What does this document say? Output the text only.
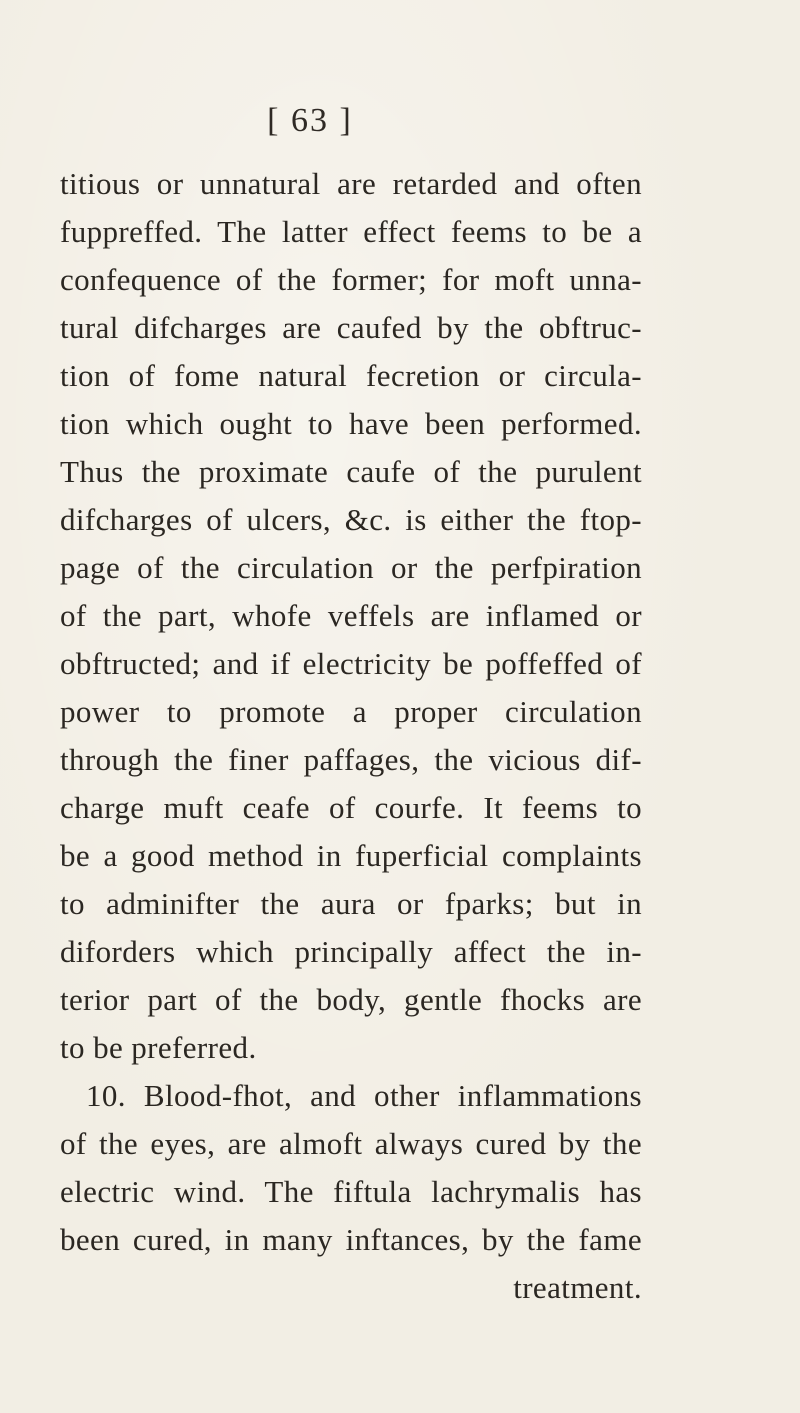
[ 63 ]
titious or unnatural are retarded and often
fuppreffed. The latter effect feems to be a
confequence of the former; for moft unna-
tural difcharges are caufed by the obftruc-
tion of fome natural fecretion or circula-
tion which ought to have been performed.
Thus the proximate caufe of the purulent
difcharges of ulcers, &c. is either the ftop-
page of the circulation or the perfpiration
of the part, whofe veffels are inflamed or
obftructed; and if electricity be poffeffed of
power to promote a proper circulation
through the finer paffages, the vicious dif-
charge muft ceafe of courfe. It feems to
be a good method in fuperficial complaints
to adminifter the aura or fparks; but in
diforders which principally affect the in-
terior part of the body, gentle fhocks are
to be preferred.
10. Blood-fhot, and other inflammations
of the eyes, are almoft always cured by the
electric wind. The fiftula lachrymalis has
been cured, in many inftances, by the fame
treatment.
